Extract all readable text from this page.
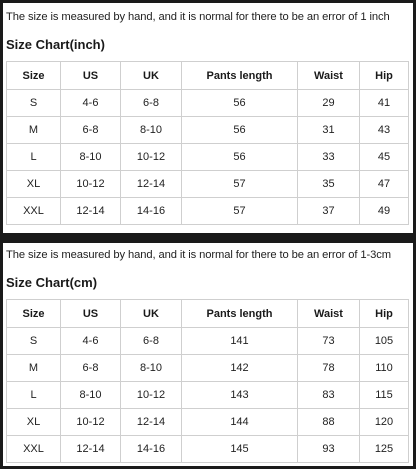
The size is measured by hand, and it is normal for there to be an error of 1 inch
Size Chart(inch)
Size	US	UK	Pants length	Waist	Hip
S	4-6	6-8	56	29	41
M	6-8	8-10	56	31	43
L	8-10	10-12	56	33	45
XL	10-12	12-14	57	35	47
XXL	12-14	14-16	57	37	49
The size is measured by hand, and it is normal for there to be an error of 1-3cm
Size Chart(cm)
Size	US	UK	Pants length	Waist	Hip
S	4-6	6-8	141	73	105
M	6-8	8-10	142	78	110
L	8-10	10-12	143	83	115
XL	10-12	12-14	144	88	120
XXL	12-14	14-16	145	93	125
